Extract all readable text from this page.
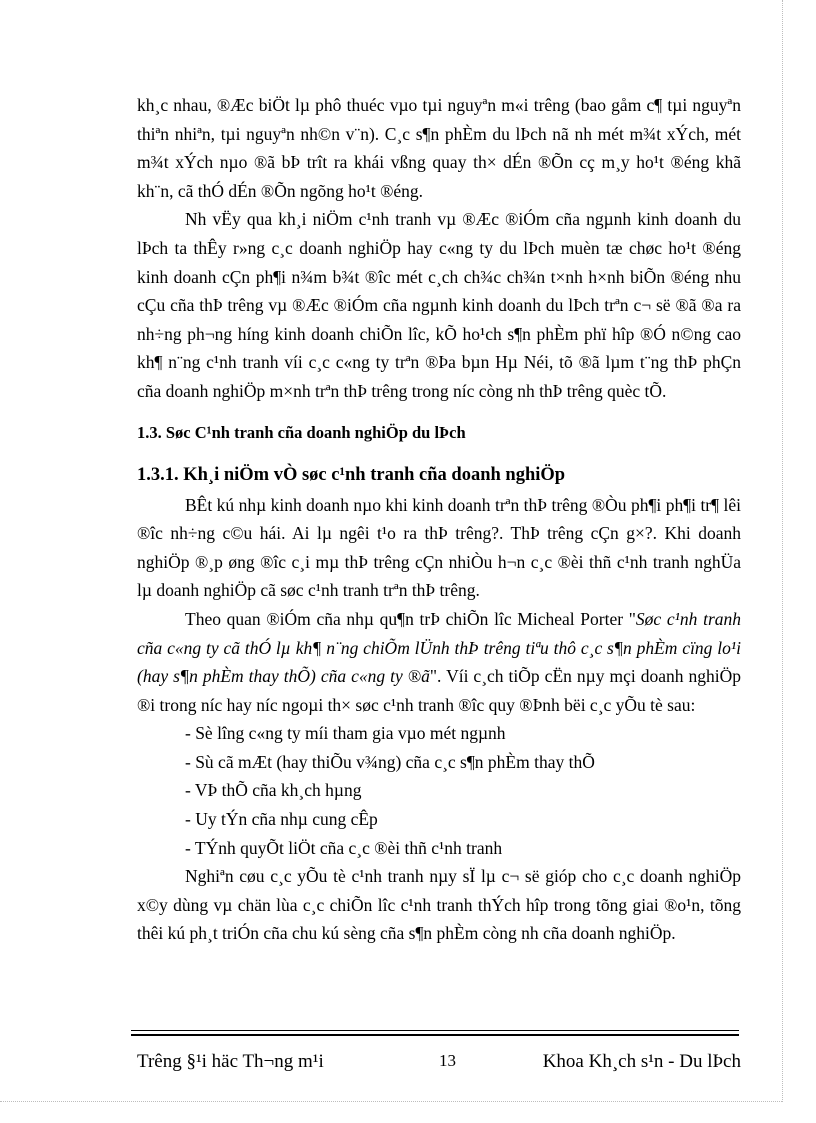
kh¸c nhau, ®Æc biÖt lµ phô thuéc vµo tµi nguyªn m«i trêng (bao gåm c¶ tµi nguyªn thiªn nhiªn, tµi nguyªn nh©n v¨n). C¸c s¶n phÈm du lÞch nã nh mét m¾t xÝch, mét m¾t xÝch nµo ®ã bÞ trît ra khái vßng quay th× dÉn ®Õn cç m¸y ho¹t ®éng khã kh¨n, cã thÓ dÉn ®Õn ngõng ho¹t ®éng.

Nh vËy qua kh¸i niÖm c¹nh tranh vµ ®Æc ®iÓm cña ngµnh kinh doanh du lÞch ta thÊy r»ng c¸c doanh nghiÖp hay c«ng ty du lÞch muèn tæ chøc ho¹t ®éng kinh doanh cÇn ph¶i n¾m b¾t ®îc mét c¸ch ch¾c ch¾n t×nh h×nh biÕn ®éng nhu cÇu cña thÞ trêng vµ ®Æc ®iÓm cña ngµnh kinh doanh du lÞch trªn c¬ së ®ã ®a ra nh÷ng ph¬ng híng kinh doanh chiÕn lîc, kÕ ho¹ch s¶n phÈm phï hîp ®Ó n©ng cao kh¶ n¨ng c¹nh tranh víi c¸c c«ng ty trªn ®Þa bµn Hµ Néi, tõ ®ã lµm t¨ng thÞ phÇn cña doanh nghiÖp m×nh trªn thÞ trêng trong níc còng nh thÞ trêng quèc tÕ.

1.3. Søc C¹nh tranh cña doanh nghiÖp du lÞch
1.3.1. Kh¸i niÖm vÒ søc c¹nh tranh cña doanh nghiÖp

BÊt kú nhµ kinh doanh nµo khi kinh doanh trªn thÞ trêng ®Òu ph¶i ph¶i tr¶ lêi ®îc nh÷ng c©u hái. Ai lµ ngêi t¹o ra thÞ trêng?. ThÞ trêng cÇn g×?. Khi doanh nghiÖp ®¸p øng ®îc c¸i mµ thÞ trêng cÇn nhiÒu h¬n c¸c ®èi thñ c¹nh tranh nghÜa lµ doanh nghiÖp cã søc c¹nh tranh trªn thÞ trêng.

Theo quan ®iÓm cña nhµ qu¶n trÞ chiÕn lîc Micheal Porter "Søc c¹nh tranh cña c«ng ty cã thÓ lµ kh¶ n¨ng chiÕm lÜnh thÞ trêng tiªu thô c¸c s¶n phÈm cïng lo¹i (hay s¶n phÈm thay thÕ) cña c«ng ty ®ã". Víi c¸ch tiÕp cËn nµy mçi doanh nghiÖp ®i trong níc hay níc ngoµi th× søc c¹nh tranh ®îc quy ®Þnh bëi c¸c yÕu tè sau:

- Sè lîng c«ng ty míi tham gia vµo mét ngµnh
- Sù cã mÆt (hay thiÕu v¾ng) cña c¸c s¶n phÈm thay thÕ
- VÞ thÕ cña kh¸ch hµng
- Uy tÝn cña nhµ cung cÊp
- TÝnh quyÕt liÖt cña c¸c ®èi thñ c¹nh tranh

Nghiªn cøu c¸c yÕu tè c¹nh tranh nµy sÏ lµ c¬ së gióp cho c¸c doanh nghiÖp x©y dùng vµ chän lùa c¸c chiÕn lîc c¹nh tranh thÝch hîp trong tõng giai ®o¹n, tõng thêi kú ph¸t triÓn cña chu kú sèng cña s¶n phÈm còng nh cña doanh nghiÖp.

Trêng §¹i häc Th¬ng m¹i	13	Khoa Kh¸ch s¹n - Du lÞch
